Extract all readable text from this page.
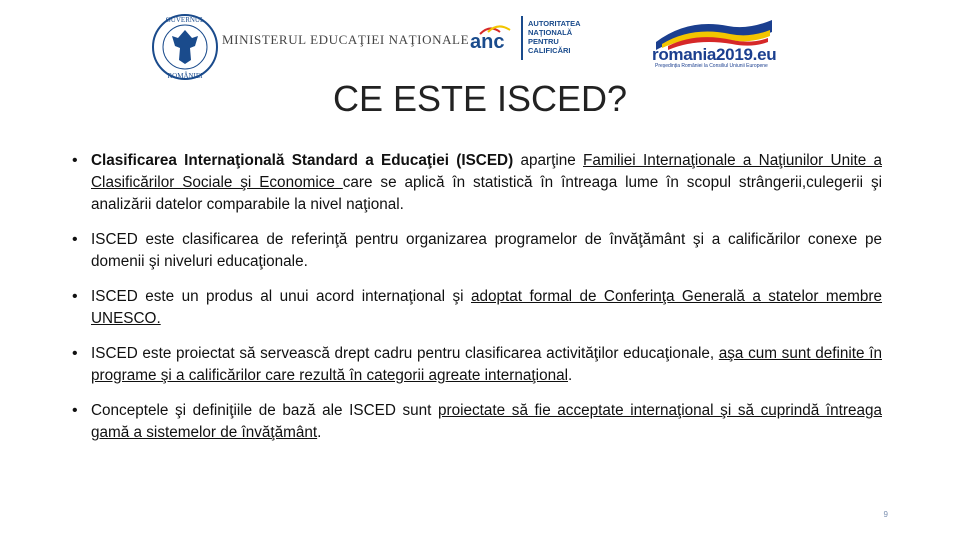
GUVERNUL
ROMÂNIEI
MINISTERUL EDUCAŢIEI NAŢIONALE anc
AUTORITATEA
NAŢIONALĂ
PENTRU
CALIFICĂRI	romania2019.eu
Președinția României la Consiliul Uniunii Europene
CE ESTE ISCED?
• Clasificarea Internaţională Standard a Educaţiei (ISCED) aparţine Familiei Internaţionale a Naţiunilor Unite a Clasificărilor Sociale şi Economice care se aplică în statistică în întreaga lume în scopul strângerii,culegerii şi analizării datelor comparabile la nivel naţional.
• ISCED este clasificarea de referinţă pentru organizarea programelor de învăţământ şi a calificărilor conexe pe domenii şi niveluri educaţionale.
• ISCED este un produs al unui acord internaţional şi adoptat formal de Conferinţa Generală a statelor membre UNESCO.
• ISCED este proiectat să servească drept cadru pentru clasificarea activităţilor educaţionale, aşa cum sunt definite în programe şi a calificărilor care rezultă în categorii agreate internaţional.
• Conceptele şi definiţiile de bază ale ISCED sunt proiectate să fie acceptate internaţional şi să cuprindă întreaga gamă a sistemelor de învăţământ.
9
